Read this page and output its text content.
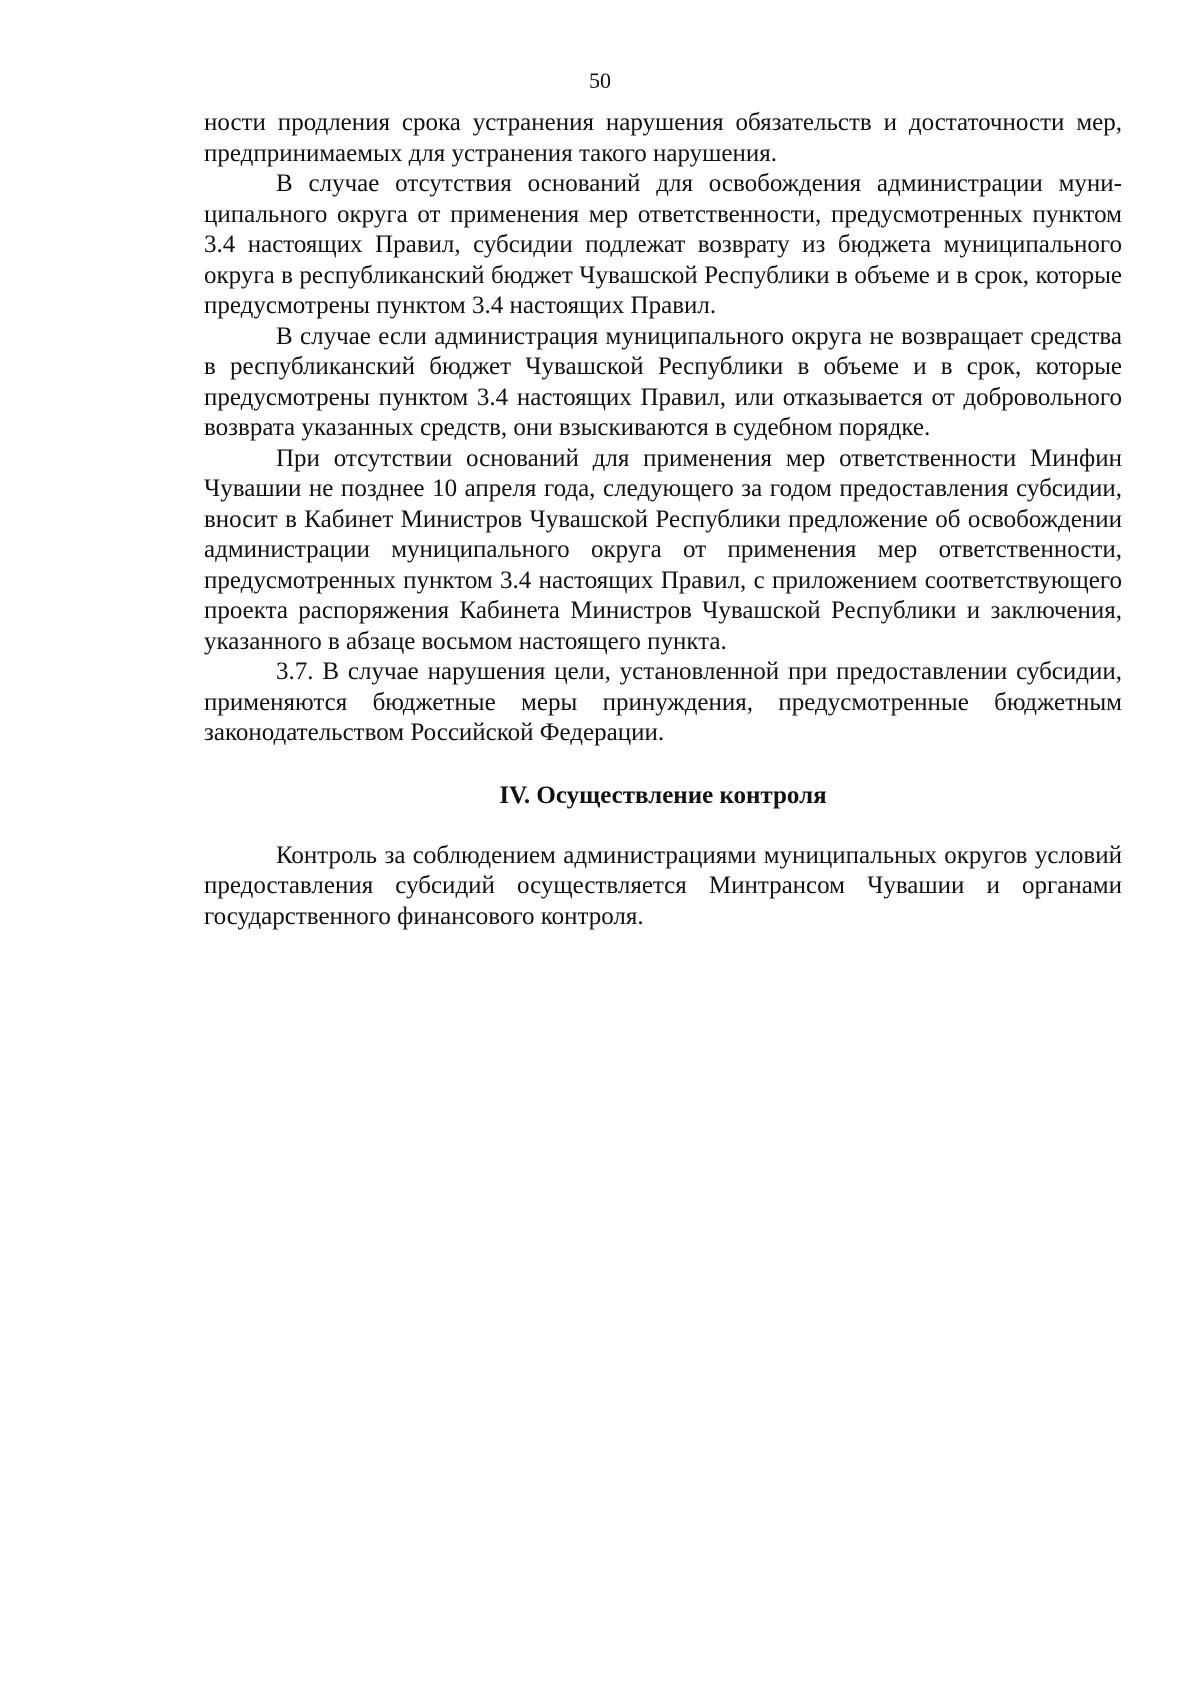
50

ности продления срока устранения нарушения обязательств и достаточности мер, предпринимаемых для устранения такого нарушения.

В случае отсутствия оснований для освобождения администрации муниципального округа от применения мер ответственности, предусмотренных пунктом 3.4 настоящих Правил, субсидии подлежат возврату из бюджета муниципального округа в республиканский бюджет Чувашской Республики в объеме и в срок, которые предусмотрены пунктом 3.4 настоящих Правил.

В случае если администрация муниципального округа не возвращает средства в республиканский бюджет Чувашской Республики в объеме и в срок, которые предусмотрены пунктом 3.4 настоящих Правил, или отказывается от добровольного возврата указанных средств, они взыскиваются в судебном порядке.

При отсутствии оснований для применения мер ответственности Минфин Чувашии не позднее 10 апреля года, следующего за годом предоставления субсидии, вносит в Кабинет Министров Чувашской Республики предложение об освобождении администрации муниципального округа от применения мер ответственности, предусмотренных пунктом 3.4 настоящих Правил, с приложением соответствующего проекта распоряжения Кабинета Министров Чувашской Республики и заключения, указанного в абзаце восьмом настоящего пункта.

3.7. В случае нарушения цели, установленной при предоставлении субсидии, применяются бюджетные меры принуждения, предусмотренные бюджетным законодательством Российской Федерации.

IV. Осуществление контроля

Контроль за соблюдением администрациями муниципальных округов условий предоставления субсидий осуществляется Минтрансом Чувашии и органами государственного финансового контроля.
